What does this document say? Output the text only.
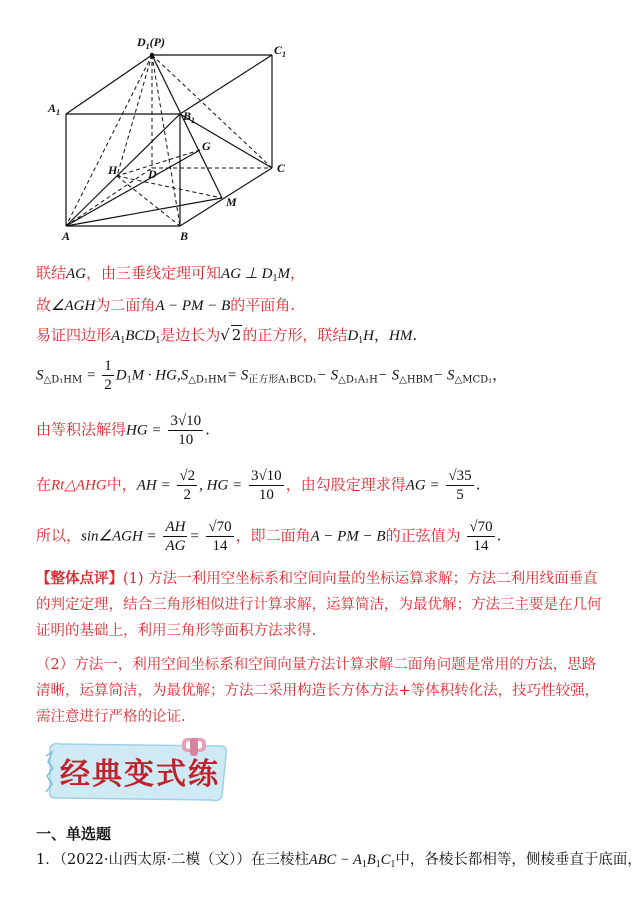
$D_1(P)$
$C_1$
$A_1$	$B_1$
G
H	D	C
M
A	B
联结AG，由三垂线定理可知AG ⊥ $D_1M$，
故∠AGH为二面角A − PM − B的平面角.
易证四边形$A_1BCD_1$是边长为√ 2的正方形，联结$D_1H$，HM.
$S_{\triangle D_1HM} = \frac{1}{2} D_1M \cdot HG,S_{\triangle D_1HM}= S_{正方形A_1BCD_1}- S_{\triangle D_1A_1H}- S_{\triangle HBM}- S_{\triangle MCD_1}$，
由等积法解得HG = $\frac{3√10}{10}$ .
在Rt△AHG中，AH = $\frac{√2}{2}$ , HG = $\frac{3√10}{10}$ ，由勾股定理求得AG = $\frac{√35}{5}$ .
所以，sin∠AGH = $\frac{AH}{AG} = \frac{√70}{14}$ ，即二面角A − PM − B的正弦值为 $\frac{√70}{14}$ .
【整体点评】(1) 方法一利用空坐标系和空间向量的坐标运算求解；方法二利用线面垂直的判定定理，结合三角形相似进行计算求解，运算简洁，为最优解；方法三主要是在几何证明的基础上，利用三角形等面积方法求得.
（2）方法一，利用空间坐标系和空间向量方法计算求解二面角问题是常用的方法，思路清晰，运算简洁，为最优解；方法二采用构造长方体方法+等体积转化法，技巧性较强，需注意进行严格的论证.
经典变式练
一、单选题
1．（2022·山西太原·二模（文））在三棱柱ABC − $A_1B_1C_1$中，各棱长都相等，侧棱垂直于底面，
